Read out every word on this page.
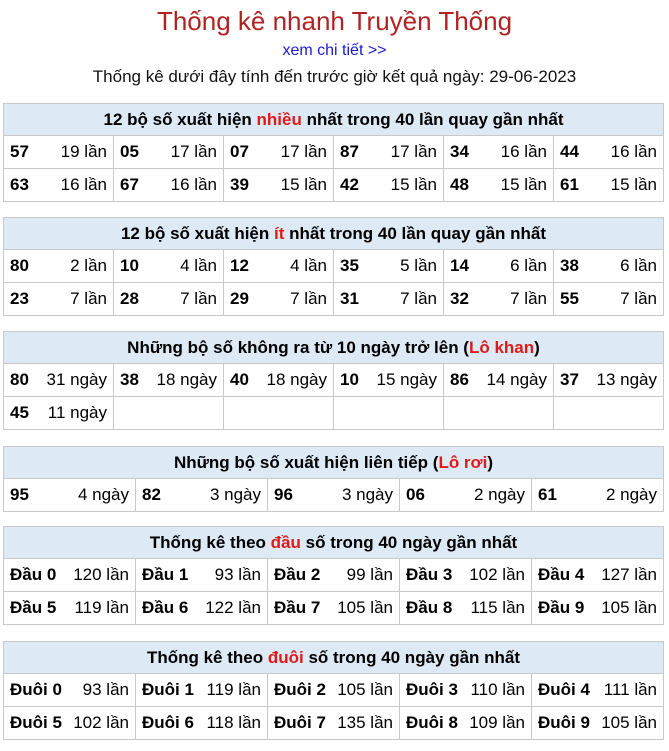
Thống kê nhanh Truyền Thống
xem chi tiết >>
Thống kê dưới đây tính đến trước giờ kết quả ngày: 29-06-2023
12 bộ số xuất hiện nhiều nhất trong 40 lần quay gần nhất					
57 19 lần	05 17 lần	07 17 lần	87 17 lần	34 16 lần	44 16 lần

63 16 lần	67 16 lần	39 15 lần	42 15 lần	48 15 lần	61 15 lần
12 bộ số xuất hiện ít nhất trong 40 lần quay gần nhất					
80 2 lần	10 4 lần	12 4 lần	35 5 lần	14 6 lần	38 6 lần

23 7 lần	28 7 lần	29 7 lần	31 7 lần	32 7 lần	55 7 lần
Những bộ số không ra từ 10 ngày trở lên (Lô khan)					
80 31 ngày	38 18 ngày	40 18 ngày	10 15 ngày	86 14 ngày	37 13 ngày

45 11 ngày					

Những bộ số xuất hiện liên tiếp (Lô rơi)
95	4 ngày	82	3 ngày	96	3 ngày	06	2 ngày	61	2 ngày
Thống kê theo đầu số trong 40 ngày gần nhất				
Đầu 0 120 lần	Đầu 1 93 lần	Đầu 2 99 lần	Đầu 3 102 lần	Đầu 4 127 lần

Đầu 5 119 lần	Đầu 6 122 lần	Đầu 7 105 lần	Đầu 8 115 lần	Đầu 9 105 lần
Thống kê theo đuôi số trong 40 ngày gần nhất				
Đuôi 0 93 lần	Đuôi 1 119 lần	Đuôi 2 105 lần	Đuôi 3 110 lần	Đuôi 4 111 lần

Đuôi 5 102 lần	Đuôi 6 118 lần	Đuôi 7 135 lần	Đuôi 8 109 lần	Đuôi 9 105 lần
